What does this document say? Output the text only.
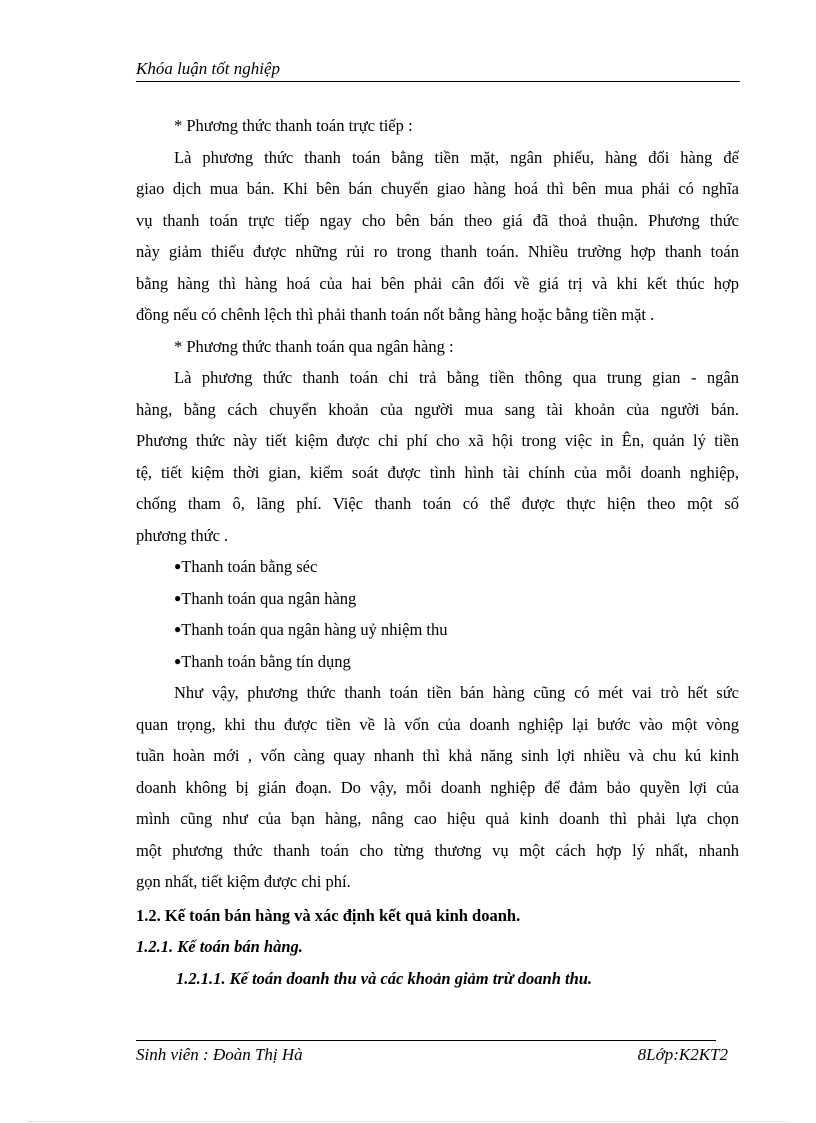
Khóa luận tốt nghiệp
* Phương thức thanh toán trực tiếp :
Là phương thức thanh toán bằng tiền mặt, ngân phiếu, hàng đổi hàng để
giao dịch mua bán. Khi bên bán chuyển giao hàng hoá thì bên mua phải có nghĩa
vụ thanh toán trực tiếp ngay cho bên bán theo giá đã thoả thuận. Phương thức
này giảm thiểu được những rủi ro trong thanh toán. Nhiều trường hợp thanh toán
bằng hàng thì hàng hoá của hai bên phải cân đối về giá trị và khi kết thúc hợp
đồng nếu có chênh lệch thì phải thanh toán nốt bằng hàng hoặc bằng tiền mặt .
* Phương thức thanh toán qua ngân hàng :
Là phương thức thanh toán chi trả bằng tiền thông qua trung gian - ngân
hàng, bằng cách chuyển khoản của người mua sang tài khoản của người bán.
Phương thức này tiết kiệm được chi phí cho xã hội trong việc in Ên, quản lý tiền
tệ, tiết kiệm thời gian, kiểm soát được tình hình tài chính của mỗi doanh nghiệp,
chống tham ô, lãng phí. Việc thanh toán có thể được thực hiện theo một số
phương thức .
●Thanh toán bằng séc
●Thanh toán qua ngân hàng
●Thanh toán qua ngân hàng uỷ nhiệm thu
●Thanh toán bằng tín dụng
Như vậy, phương thức thanh toán tiền bán hàng cũng có mét vai trò hết sức
quan trọng, khi thu được tiền về là vốn của doanh nghiệp lại bước vào một vòng
tuần hoàn mới , vốn càng quay nhanh thì khả năng sinh lợi nhiều và chu kú kinh
doanh không bị gián đoạn. Do vậy, mỗi doanh nghiệp để đảm bảo quyền lợi của
mình cũng như của bạn hàng, nâng cao hiệu quả kinh doanh thì phải lựa chọn
một phương thức thanh toán cho từng thương vụ một cách hợp lý nhất, nhanh
gọn nhất, tiết kiệm được chi phí.
1.2. Kế toán bán hàng và xác định kết quả kinh doanh.
1.2.1. Kế toán bán hàng.
1.2.1.1. Kế toán doanh thu và các khoản giảm trừ doanh thu.
Sinh viên : Đoàn Thị Hà	8Lớp:K2KT2
